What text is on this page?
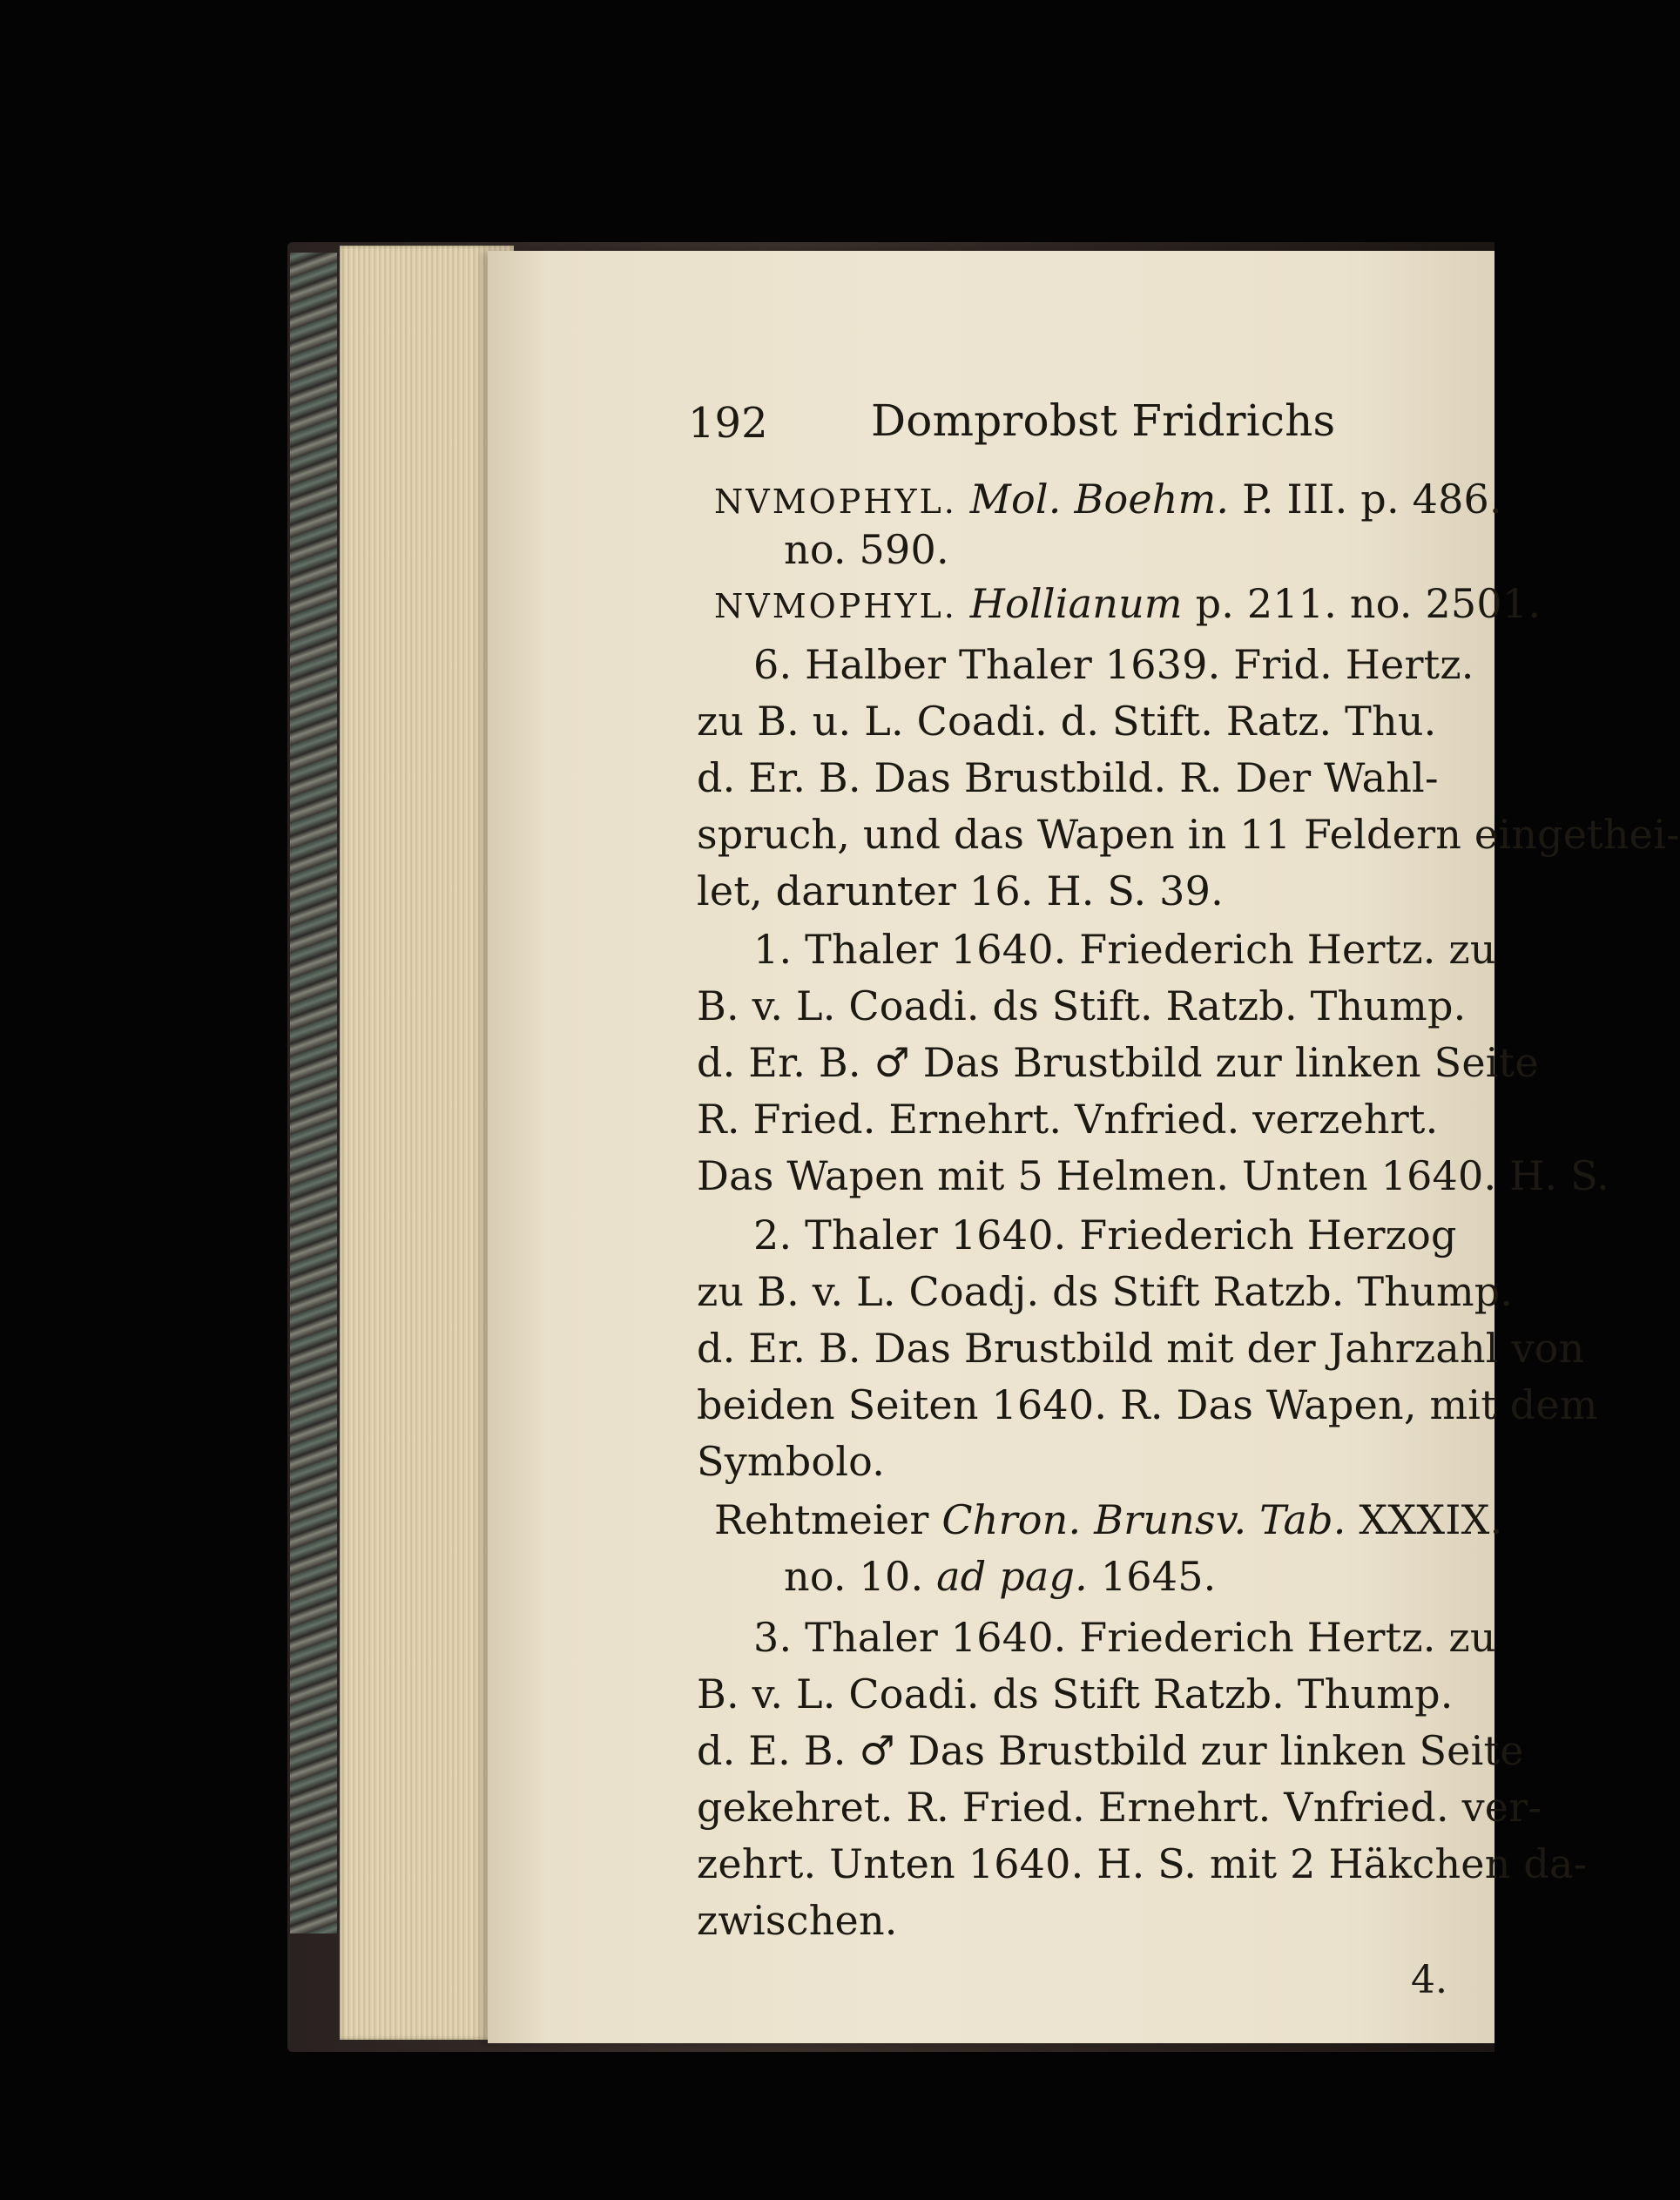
192 Domprobst Fridrichs

NVMOPHYL. Mol. Boehm. P. III. p. 486.

no. 590.

NVMOPHYL. Hollianum p. 211. no. 2501.

6. Halber Thaler 1639. Frid. Hertz.

zu B. u. L. Coadi. d. Stift. Ratz. Thu.

d. Er. B. Das Brustbild. R. Der Wahl-

spruch, und das Wapen in 11 Feldern eingethei-

let, darunter 16. H. S. 39.

1. Thaler 1640. Friederich Hertz. zu

B. v. L. Coadi. ds Stift. Ratzb. Thump.

d. Er. B. ♂ Das Brustbild zur linken Seite

R. Fried. Ernehrt. Vnfried. verzehrt.

Das Wapen mit 5 Helmen. Unten 1640. H. S.

2. Thaler 1640. Friederich Herzog

zu B. v. L. Coadj. ds Stift Ratzb. Thump.

d. Er. B. Das Brustbild mit der Jahrzahl von

beiden Seiten 1640. R. Das Wapen, mit dem

Symbolo.

Rehtmeier Chron. Brunsv. Tab. XXXIX.

no. 10. ad pag. 1645.

3. Thaler 1640. Friederich Hertz. zu

B. v. L. Coadi. ds Stift Ratzb. Thump.

d. E. B. ♂ Das Brustbild zur linken Seite

gekehret. R. Fried. Ernehrt. Vnfried. ver-

zehrt. Unten 1640. H. S. mit 2 Häkchen da-

zwischen.

4.
